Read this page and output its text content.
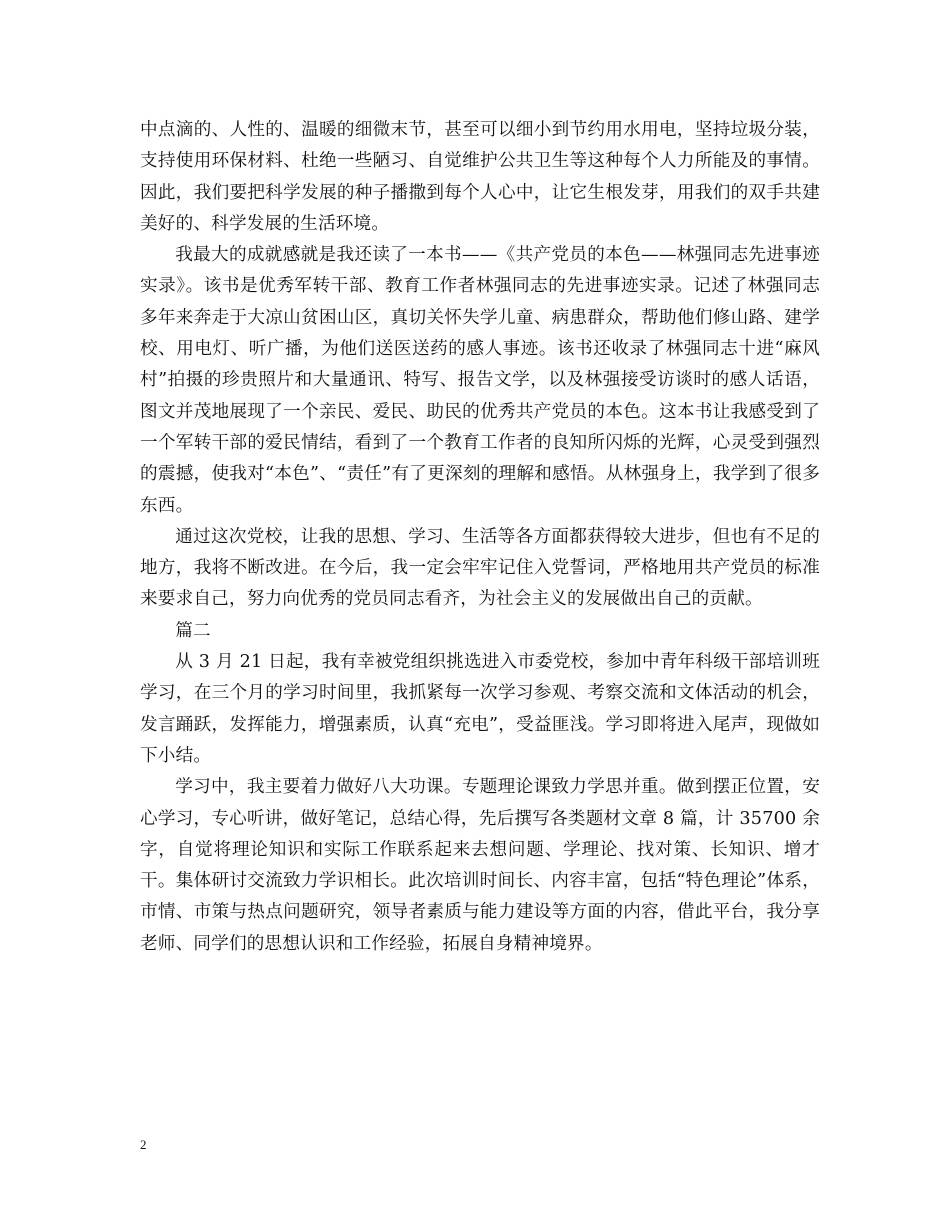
中点滴的、人性的、温暖的细微末节，甚至可以细小到节约用水用电，坚持垃圾分装，支持使用环保材料、杜绝一些陋习、自觉维护公共卫生等这种每个人力所能及的事情。因此，我们要把科学发展的种子播撒到每个人心中，让它生根发芽，用我们的双手共建美好的、科学发展的生活环境。

我最大的成就感就是我还读了一本书——《共产党员的本色——林强同志先进事迹实录》。该书是优秀军转干部、教育工作者林强同志的先进事迹实录。记述了林强同志多年来奔走于大凉山贫困山区，真切关怀失学儿童、病患群众，帮助他们修山路、建学校、用电灯、听广播，为他们送医送药的感人事迹。该书还收录了林强同志十进“麻风村”拍摄的珍贵照片和大量通讯、特写、报告文学，以及林强接受访谈时的感人话语，图文并茂地展现了一个亲民、爱民、助民的优秀共产党员的本色。这本书让我感受到了一个军转干部的爱民情结，看到了一个教育工作者的良知所闪烁的光辉，心灵受到强烈的震撼，使我对“本色”、“责任”有了更深刻的理解和感悟。从林强身上，我学到了很多东西。

通过这次党校，让我的思想、学习、生活等各方面都获得较大进步，但也有不足的地方，我将不断改进。在今后，我一定会牢牢记住入党誓词，严格地用共产党员的标准来要求自己，努力向优秀的党员同志看齐，为社会主义的发展做出自己的贡献。

篇二

从 3 月 21 日起，我有幸被党组织挑选进入市委党校，参加中青年科级干部培训班学习，在三个月的学习时间里，我抓紧每一次学习参观、考察交流和文体活动的机会，发言踊跃，发挥能力，增强素质，认真“充电”，受益匪浅。学习即将进入尾声，现做如下小结。

学习中，我主要着力做好八大功课。专题理论课致力学思并重。做到摆正位置，安心学习，专心听讲，做好笔记，总结心得，先后撰写各类题材文章 8 篇，计 35700 余字，自觉将理论知识和实际工作联系起来去想问题、学理论、找对策、长知识、增才干。集体研讨交流致力学识相长。此次培训时间长、内容丰富，包括“特色理论”体系，市情、市策与热点问题研究，领导者素质与能力建设等方面的内容，借此平台，我分享老师、同学们的思想认识和工作经验，拓展自身精神境界。

2
